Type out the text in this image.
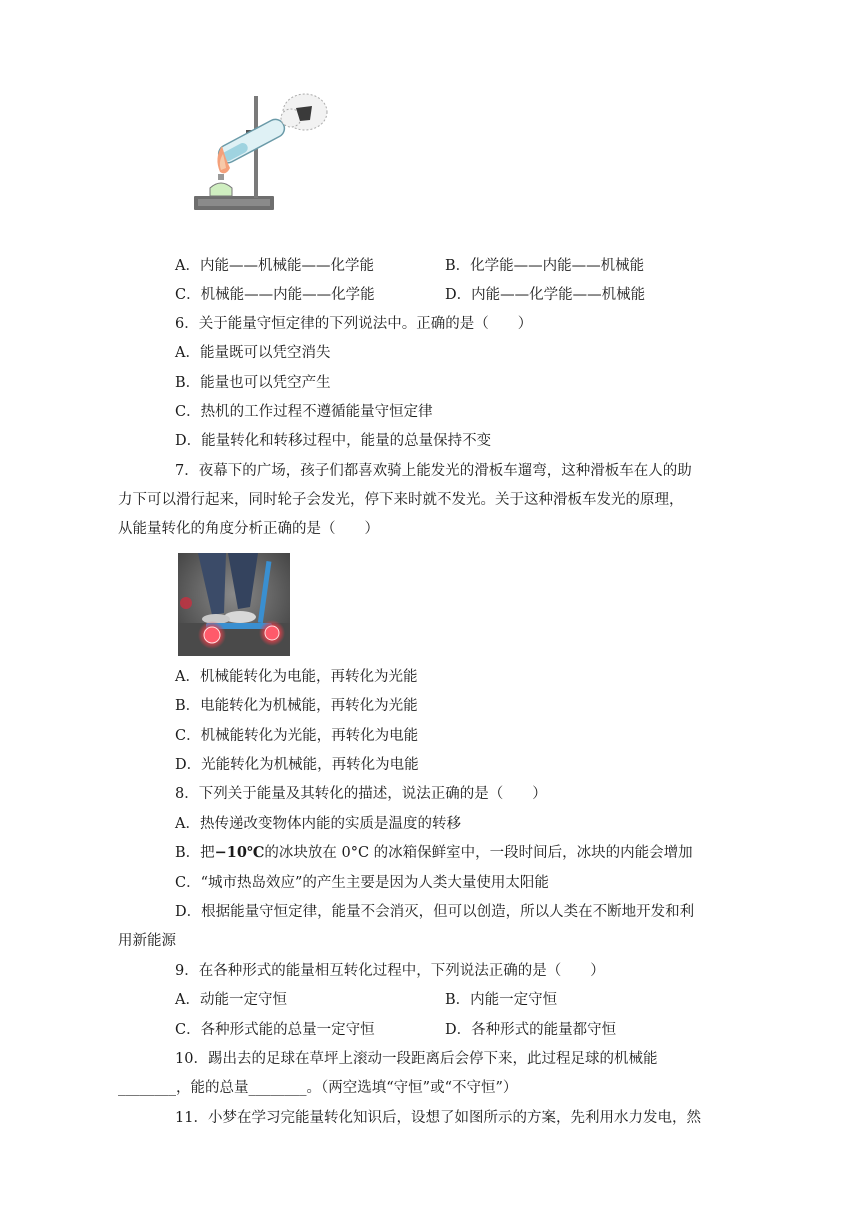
A．内能——机械能——化学能	B．化学能——内能——机械能
C．机械能——内能——化学能	D．内能——化学能——机械能
6．关于能量守恒定律的下列说法中。正确的是（　　）
A．能量既可以凭空消失
B．能量也可以凭空产生
C．热机的工作过程不遵循能量守恒定律
D．能量转化和转移过程中，能量的总量保持不变
7．夜幕下的广场，孩子们都喜欢骑上能发光的滑板车遛弯，这种滑板车在人的助
力下可以滑行起来，同时轮子会发光，停下来时就不发光。关于这种滑板车发光的原理，
从能量转化的角度分析正确的是（　　）
A．机械能转化为电能，再转化为光能
B．电能转化为机械能，再转化为光能
C．机械能转化为光能，再转化为电能
D．光能转化为机械能，再转化为电能
8．下列关于能量及其转化的描述，说法正确的是（　　）
A．热传递改变物体内能的实质是温度的转移
B．把−10℃的冰块放在 0°C 的冰箱保鲜室中，一段时间后，冰块的内能会增加
C．“城市热岛效应”的产生主要是因为人类大量使用太阳能
D．根据能量守恒定律，能量不会消灭，但可以创造，所以人类在不断地开发和利
用新能源
9．在各种形式的能量相互转化过程中，下列说法正确的是（　　）
A．动能一定守恒	B．内能一定守恒
C．各种形式能的总量一定守恒	D．各种形式的能量都守恒
10．踢出去的足球在草坪上滚动一段距离后会停下来，此过程足球的机械能
________，能的总量________。（两空选填“守恒”或“不守恒”）
11．小梦在学习完能量转化知识后，设想了如图所示的方案，先利用水力发电，然
